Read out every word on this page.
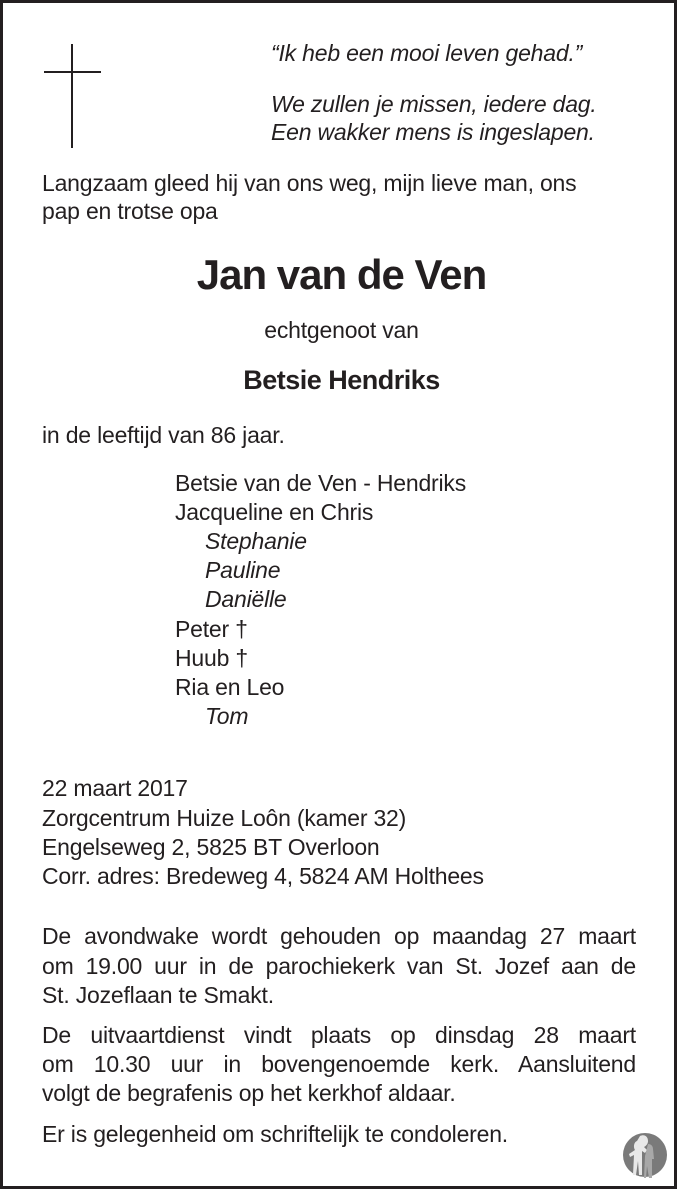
“Ik heb een mooi leven gehad.”
We zullen je missen, iedere dag.
Een wakker mens is ingeslapen.
Langzaam gleed hij van ons weg, mijn lieve man, ons
pap en trotse opa
Jan van de Ven
echtgenoot van
Betsie Hendriks
in de leeftijd van 86 jaar.
Betsie van de Ven - Hendriks
Jacqueline en Chris
Stephanie
Pauline
Daniëlle
Peter †
Huub †
Ria en Leo
Tom
22 maart 2017
Zorgcentrum Huize Loôn (kamer 32)
Engelseweg 2, 5825 BT Overloon
Corr. adres: Bredeweg 4, 5824 AM Holthees
De avondwake wordt gehouden op maandag 27 maart
om 19.00 uur in de parochiekerk van St. Jozef aan de
St. Jozeflaan te Smakt.
De uitvaartdienst vindt plaats op dinsdag 28 maart
om 10.30 uur in bovengenoemde kerk. Aansluitend
volgt de begrafenis op het kerkhof aldaar.
Er is gelegenheid om schriftelijk te condoleren.
